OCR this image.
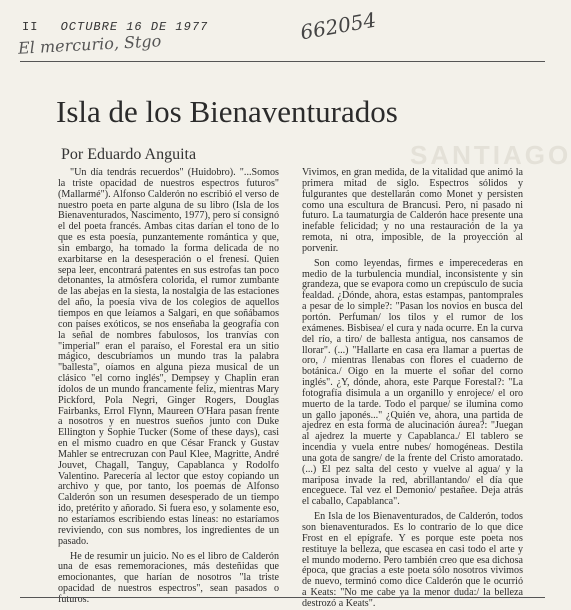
II OCTUBRE 16 DE 1977
El mercurio, Stgo
662054
SANTIAGO
Isla de los Bienaventurados
Por Eduardo Anguita

"Un día tendrás recuerdos" (Huidobro). "...Somos la triste opacidad de nuestros espectros futuros" (Mallarmé"). Alfonso Calderón no escribió el verso de nuestro poeta en parte alguna de su libro (Isla de los Bienaventurados, Nascimento, 1977), pero sí consignó el del poeta francés. Ambas citas darían el tono de lo que es esta poesía, punzantemente romántica y que, sin embargo, ha tomado la forma delicada de no exarbitarse en la desesperación o el frenesí. Quien sepa leer, encontrará patentes en sus estrofas tan poco detonantes, la atmósfera colorida, el rumor zumbante de las abejas en la siesta, la nostalgia de las estaciones del año, la poesía viva de los colegios de aquellos tiempos en que leíamos a Salgari, en que soñábamos con países exóticos, se nos enseñaba la geografía con la señal de nombres fabulosos, los tranvías con "imperial" eran el paraíso, el Forestal era un sitio mágico, descubríamos un mundo tras la palabra "ballesta", oíamos en alguna pieza musical de un clásico "el corno inglés", Dempsey y Chaplin eran ídolos de un mundo francamente feliz, mientras Mary Pickford, Pola Negri, Ginger Rogers, Douglas Fairbanks, Errol Flynn, Maureen O'Hara pasan frente a nosotros y en nuestros sueños junto con Duke Ellington y Sophie Tucker (Some of these days), casi en el mismo cuadro en que César Franck y Gustav Mahler se entrecruzan con Paul Klee, Magritte, André Jouvet, Chagall, Tanguy, Capablanca y Rodolfo Valentino. Parecería al lector que estoy copiando un archivo y que, por tanto, los poemas de Alfonso Calderón son un resumen desesperado de un tiempo ido, pretérito y añorado. Si fuera eso, y solamente eso, no estaríamos escribiendo estas líneas: no estaríamos reviviendo, con sus nombres, los ingredientes de un pasado.

He de resumir un juicio. No es el libro de Calderón una de esas rememoraciones, más desteñidas que emocionantes, que harían de nosotros "la triste opacidad de nuestros espectros", sean pasados o futuros.

Vivimos, en gran medida, de la vitalidad que animó la primera mitad de siglo. Espectros sólidos y fulgurantes que destellarán como Monet y persisten como una escultura de Brancusi. Pero, ni pasado ni futuro. La taumaturgia de Calderón hace presente una inefable felicidad; y no una restauración de la ya remota, ni otra, imposible, de la proyección al porvenir.

Son como leyendas, firmes e imperecederas en medio de la turbulencia mundial, inconsistente y sin grandeza, que se evapora como un crepúsculo de sucia fealdad. ¿Dónde, ahora, estas estampas, pantomprales a pesar de lo simple?: "Pasan los novios en busca del portón. Perfuman/ los tilos y el rumor de los exámenes. Bisbisea/ el cura y nada ocurre. En la curva del río, a tiro/ de ballesta antigua, nos cansamos de llorar". (...) "Hallarte en casa era llamar a puertas de oro, / mientras llenabas con flores el cuaderno de botánica./ Oigo en la muerte el soñar del corno inglés". ¿Y, dónde, ahora, este Parque Forestal?: "La fotografía disimula a un organillo y enrojece/ el oro muerto de la tarde. Todo el parque/ se ilumina como un gallo japonés..." ¿Quién ve, ahora, una partida de ajedrez en esta forma de alucinación áurea?: "Juegan al ajedrez la muerte y Capablanca./ El tablero se incendia y vuela entre nubes/ homogéneas. Destila una gota de sangre/ de la frente del Cristo amoratado. (...) El pez salta del cesto y vuelve al agua/ y la mariposa invade la red, abrillantando/ el día que enceguece. Tal vez el Demonio/ pestañee. Deja atrás el caballo, Capablanca".

En Isla de los Bienaventurados, de Calderón, todos son bienaventurados. Es lo contrario de lo que dice Frost en el epígrafe. Y es porque este poeta nos restituye la belleza, que escasea en casi todo el arte y el mundo moderno. Pero también creo que esa dichosa época, que gracias a este poeta sólo nosotros vivimos de nuevo, terminó como dice Calderón que le ocurrió a Keats: "No me cabe ya la menor duda:/ la belleza destrozó a Keats".
